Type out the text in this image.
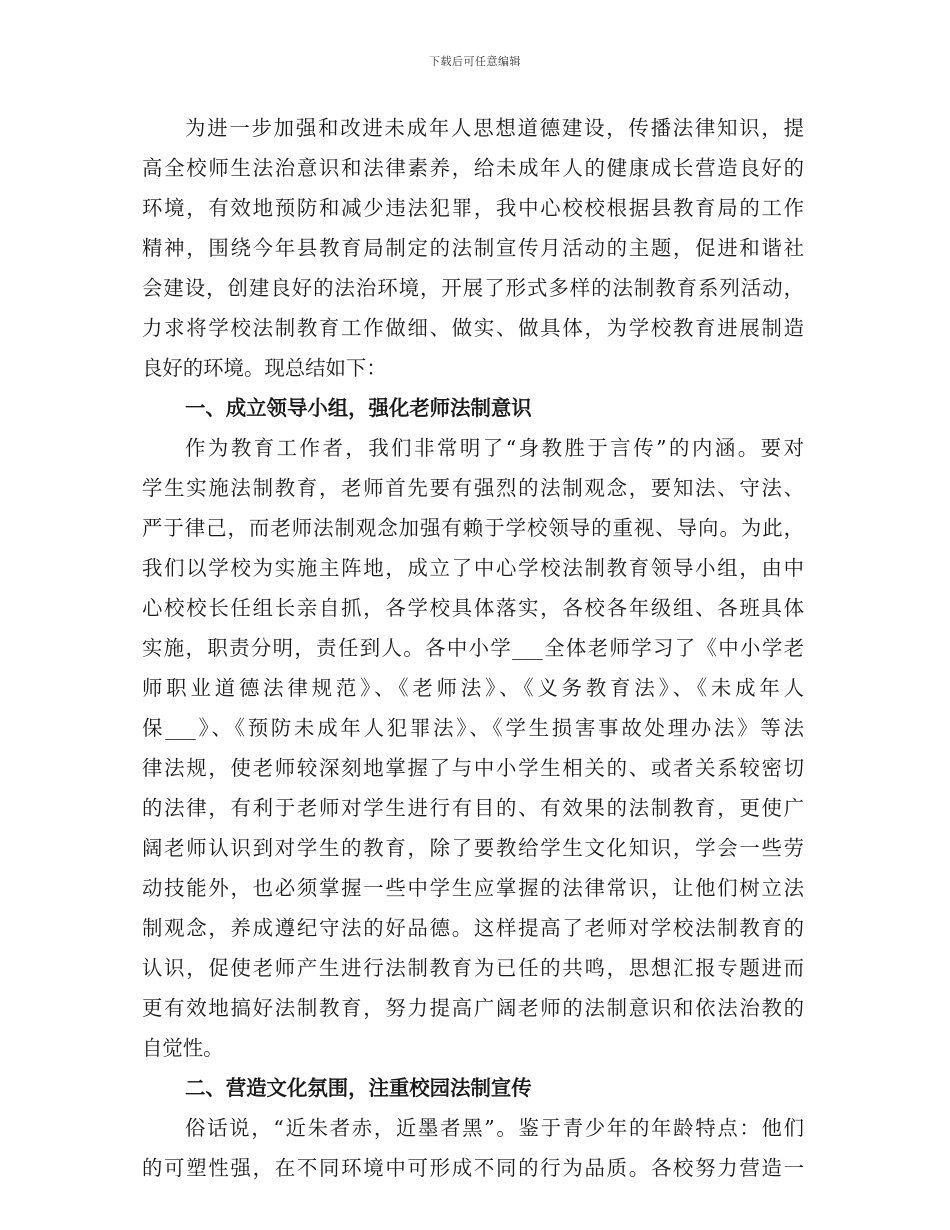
下载后可任意编辑
为进一步加强和改进未成年人思想道德建设，传播法律知识，提
高全校师生法治意识和法律素养，给未成年人的健康成长营造良好的
环境，有效地预防和减少违法犯罪，我中心校校根据县教育局的工作
精神，围绕今年县教育局制定的法制宣传月活动的主题，促进和谐社
会建设，创建良好的法治环境，开展了形式多样的法制教育系列活动，
力求将学校法制教育工作做细、做实、做具体，为学校教育进展制造
良好的环境。现总结如下：
一、成立领导小组，强化老师法制意识
作为教育工作者，我们非常明了“身教胜于言传”的内涵。要对
学生实施法制教育，老师首先要有强烈的法制观念，要知法、守法、
严于律己，而老师法制观念加强有赖于学校领导的重视、导向。为此，
我们以学校为实施主阵地，成立了中心学校法制教育领导小组，由中
心校校长任组长亲自抓，各学校具体落实，各校各年级组、各班具体
实施，职责分明，责任到人。各中小学___全体老师学习了《中小学老
师职业道德法律规范》、《老师法》、《义务教育法》、《未成年人
保___》、《预防未成年人犯罪法》、《学生损害事故处理办法》等法
律法规，使老师较深刻地掌握了与中小学生相关的、或者关系较密切
的法律，有利于老师对学生进行有目的、有效果的法制教育，更使广
阔老师认识到对学生的教育，除了要教给学生文化知识，学会一些劳
动技能外，也必须掌握一些中学生应掌握的法律常识，让他们树立法
制观念，养成遵纪守法的好品德。这样提高了老师对学校法制教育的
认识，促使老师产生进行法制教育为已任的共鸣，思想汇报专题进而
更有效地搞好法制教育，努力提高广阔老师的法制意识和依法治教的
自觉性。
二、营造文化氛围，注重校园法制宣传
俗话说，“近朱者赤，近墨者黑”。鉴于青少年的年龄特点：他们
的可塑性强，在不同环境中可形成不同的行为品质。各校努力营造一
